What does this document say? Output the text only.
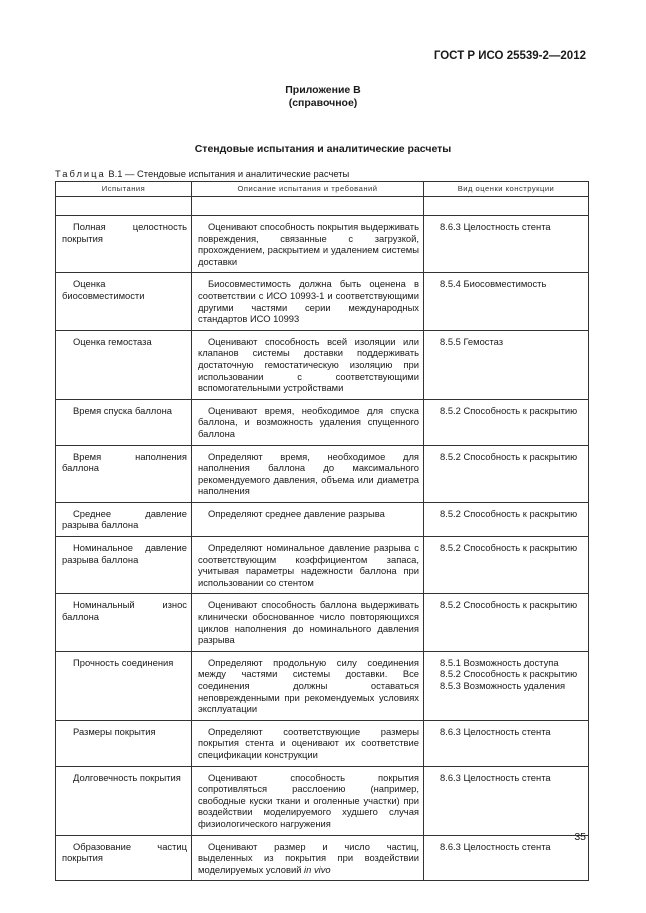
ГОСТ Р ИСО 25539-2—2012
Приложение В
(справочное)
Стендовые испытания и аналитические расчеты
Таблица В.1 — Стендовые испытания и аналитические расчеты
Испытания	Описание испытания и требований	Вид оценки конструкции

Полная целостность покрытия	Оценивают способность покрытия выдерживать повреждения, связанные с загрузкой, прохождением, раскрытием и удалением системы доставки	8.6.3 Целостность стента

Оценка биосовместимости	Биосовместимость должна быть оценена в соответствии с ИСО 10993-1 и соответствующими другими частями серии международных стандартов ИСО 10993	8.5.4 Биосовместимость

Оценка гемостаза	Оценивают способность всей изоляции или клапанов системы доставки поддерживать достаточную гемостатическую изоляцию при использовании с соответствующими вспомогательными устройствами	8.5.5 Гемостаз

Время спуска баллона	Оценивают время, необходимое для спуска баллона, и возможность удаления спущенного баллона	8.5.2 Способность к раскрытию

Время наполнения баллона	Определяют время, необходимое для наполнения баллона до максимального рекомендуемого давления, объема или диаметра наполнения	8.5.2 Способность к раскрытию

Среднее давление разрыва баллона	Определяют среднее давление разрыва	8.5.2 Способность к раскрытию

Номинальное давление разрыва баллона	Определяют номинальное давление разрыва с соответствующим коэффициентом запаса, учитывая параметры надежности баллона при использовании со стентом	8.5.2 Способность к раскрытию

Номинальный износ баллона	Оценивают способность баллона выдерживать клинически обоснованное число повторяющихся циклов наполнения до номинального давления разрыва	8.5.2 Способность к раскрытию

Прочность соединения	Определяют продольную силу соединения между частями системы доставки. Все соединения должны оставаться неповрежденными при рекомендуемых условиях эксплуатации	8.5.1 Возможность доступа
8.5.2 Способность к раскрытию
8.5.3 Возможность удаления

Размеры покрытия	Определяют соответствующие размеры покрытия стента и оценивают их соответствие спецификации конструкции	8.6.3 Целостность стента

Долговечность покрытия	Оценивают способность покрытия сопротивляться расслоению (например, свободные куски ткани и оголенные участки) при воздействии моделируемого худшего случая физиологического нагружения	8.6.3 Целостность стента

Образование частиц покрытия	Оценивают размер и число частиц, выделенных из покрытия при воздействии моделируемых условий in vivo	8.6.3 Целостность стента
35
